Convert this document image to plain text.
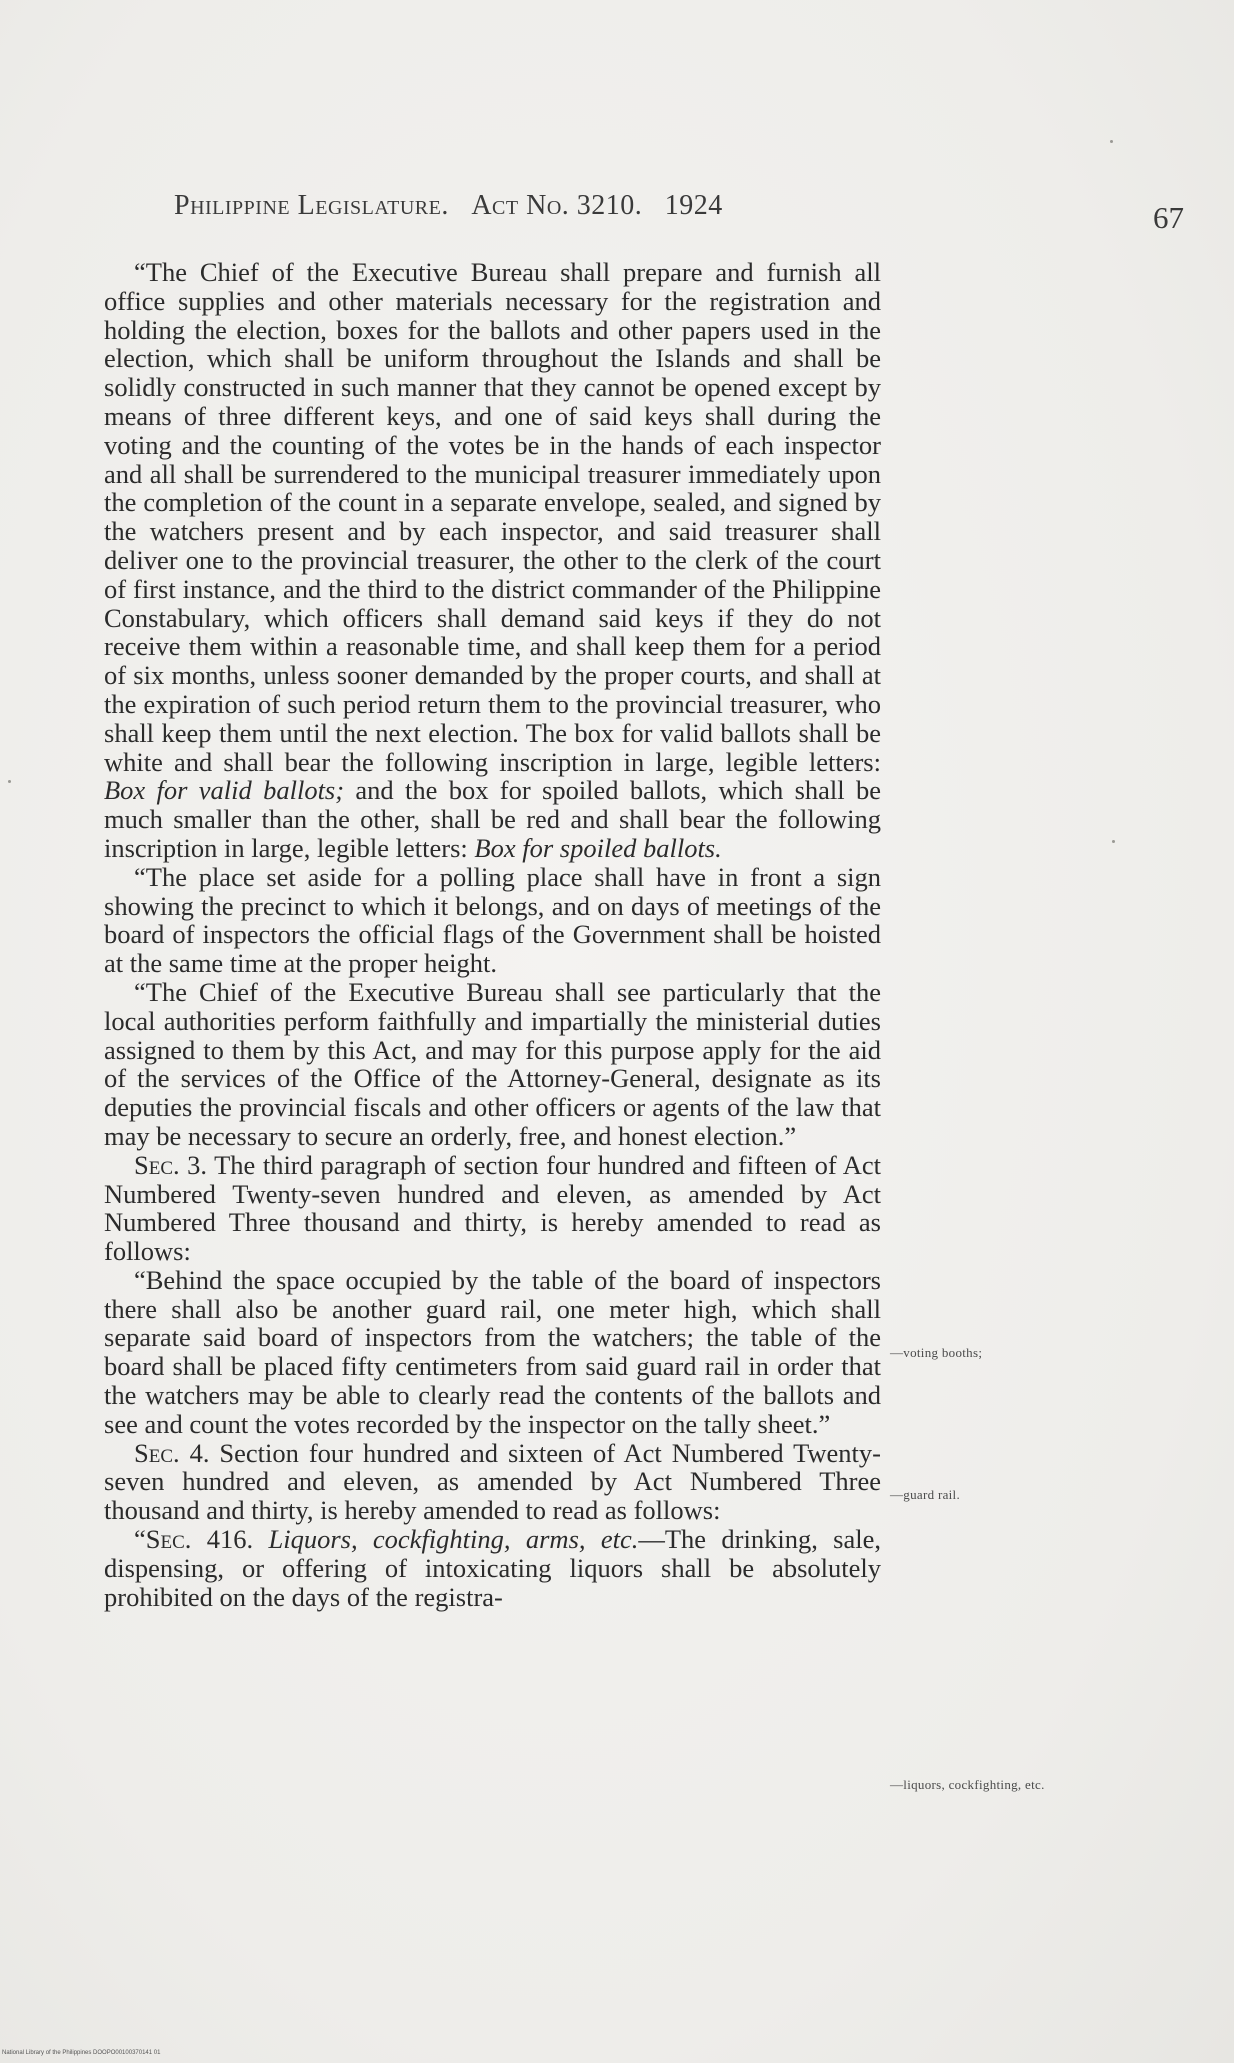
Philippine Legislature. Act No. 3210. 1924	67

“The Chief of the Executive Bureau shall prepare and furnish all office supplies and other materials necessary for the registration and holding the election, boxes for the ballots and other papers used in the election, which shall be uniform throughout the Islands and shall be solidly constructed in such manner that they cannot be opened except by means of three different keys, and one of said keys shall during the voting and the counting of the votes be in the hands of each inspector and all shall be surrendered to the municipal treasurer immediately upon the completion of the count in a separate envelope, sealed, and signed by the watchers present and by each inspector, and said treasurer shall deliver one to the provincial treasurer, the other to the clerk of the court of first instance, and the third to the district commander of the Philippine Constabulary, which officers shall demand said keys if they do not receive them within a reasonable time, and shall keep them for a period of six months, unless sooner demanded by the proper courts, and shall at the expiration of such period return them to the provincial treasurer, who shall keep them until the next election. The box for valid ballots shall be white and shall bear the following inscription in large, legible letters: Box for valid ballots; and the box for spoiled ballots, which shall be much smaller than the other, shall be red and shall bear the following inscription in large, legible letters: Box for spoiled ballots.

“The place set aside for a polling place shall have in front a sign showing the precinct to which it belongs, and on days of meetings of the board of inspectors the official flags of the Government shall be hoisted at the same time at the proper height.

“The Chief of the Executive Bureau shall see particularly that the local authorities perform faithfully and impartially the ministerial duties assigned to them by this Act, and may for this purpose apply for the aid of the services of the Office of the Attorney-General, designate as its deputies the provincial fiscals and other officers or agents of the law that may be necessary to secure an orderly, free, and honest election.”

Sec. 3. The third paragraph of section four hundred and fifteen of Act Numbered Twenty-seven hundred and eleven, as amended by Act Numbered Three thousand and thirty, is hereby amended to read as follows:

“Behind the space occupied by the table of the board of inspectors there shall also be another guard rail, one meter high, which shall separate said board of inspectors from the watchers; the table of the board shall be placed fifty centimeters from said guard rail in order that the watchers may be able to clearly read the contents of the ballots and see and count the votes recorded by the inspector on the tally sheet.”

Sec. 4. Section four hundred and sixteen of Act Numbered Twenty-seven hundred and eleven, as amended by Act Numbered Three thousand and thirty, is hereby amended to read as follows:

“Sec. 416. Liquors, cockfighting, arms, etc.—The drinking, sale, dispensing, or offering of intoxicating liquors shall be absolutely prohibited on the days of the registra-

—voting booths;
—guard rail.
—liquors, cockfighting, etc.
National Library of the Philippines DOOPO00100370141 01
